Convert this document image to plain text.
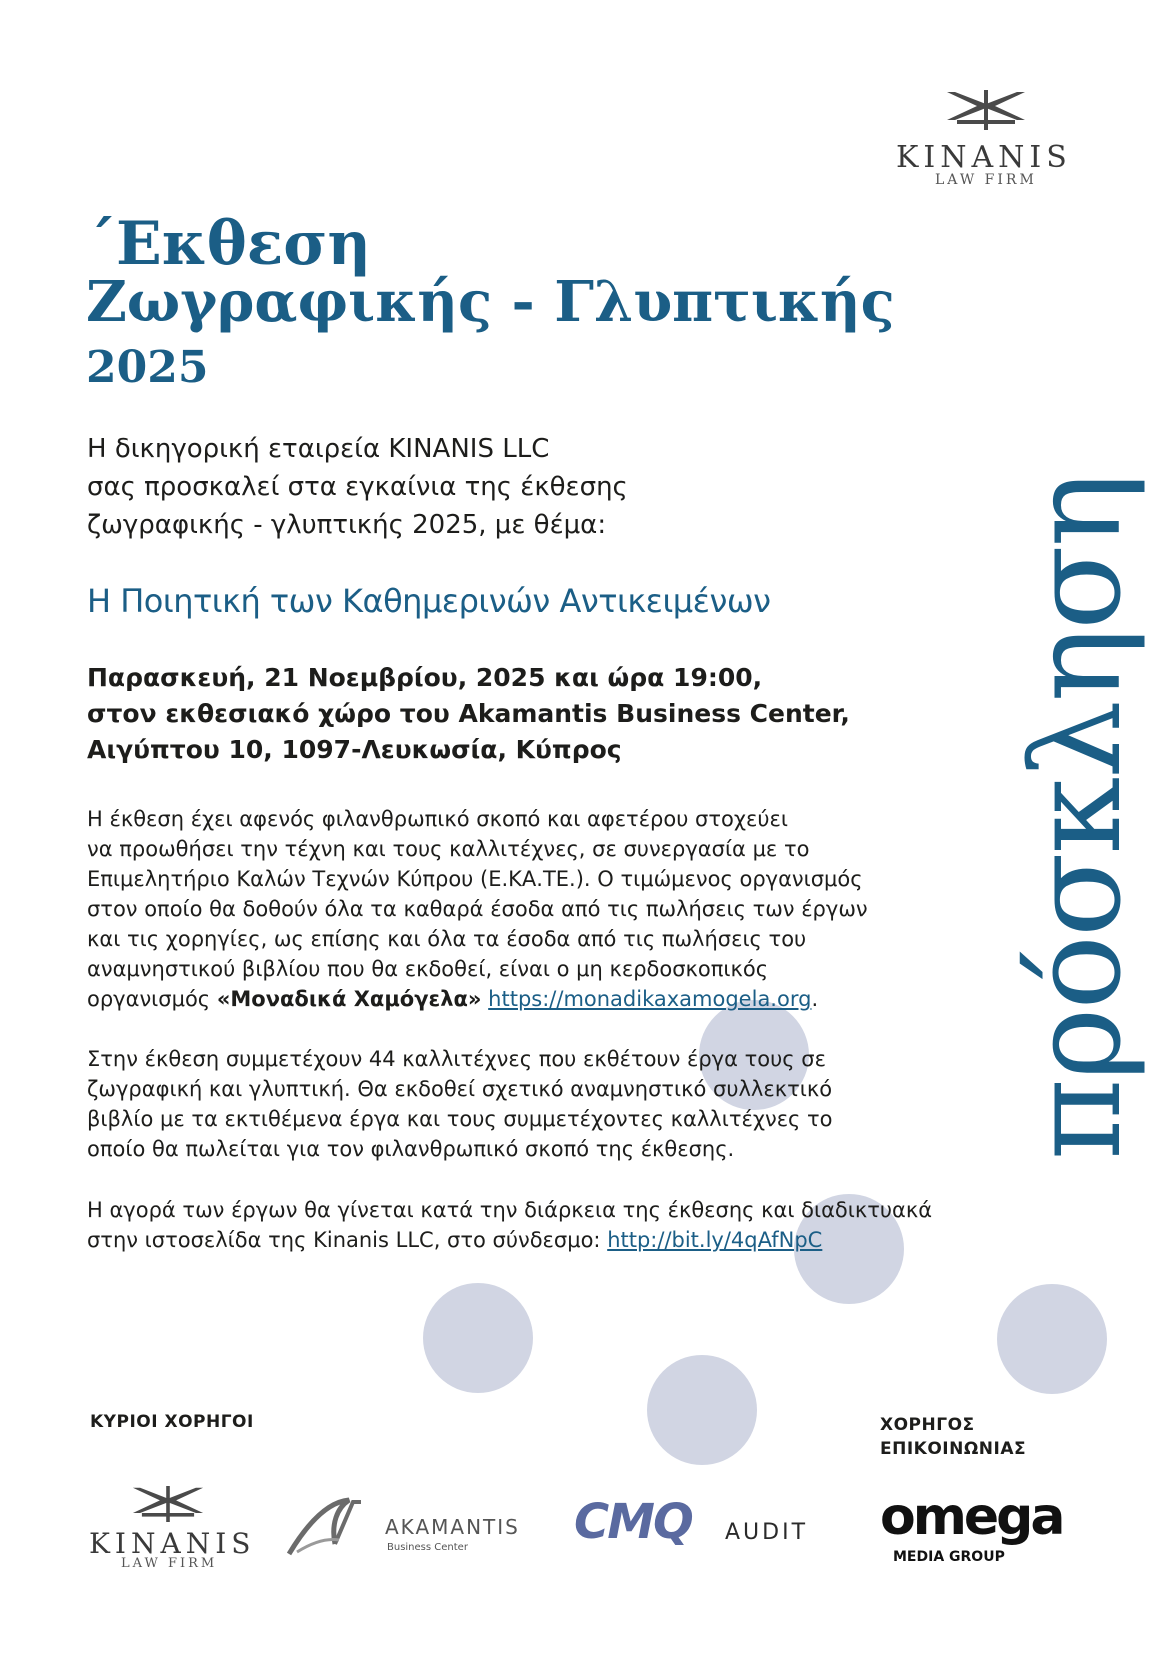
KINANIS
LAW FIRM
΄Εκθεση
Ζωγραφικής - Γλυπτικής
2025
πρόσκληση
Η δικηγορική εταιρεία KINANIS LLC
σας προσκαλεί στα εγκαίνια της έκθεσης
ζωγραφικής - γλυπτικής 2025, με θέμα:
Η Ποιητική των Καθημερινών Αντικειμένων
Παρασκευή, 21 Νοεμβρίου, 2025 και ώρα 19:00,
στον εκθεσιακό χώρο του Akamantis Business Center,
Αιγύπτου 10, 1097-Λευκωσία, Κύπρος
Η έκθεση έχει αφενός φιλανθρωπικό σκοπό και αφετέρου στοχεύει
να προωθήσει την τέχνη και τους καλλιτέχνες, σε συνεργασία με το
Επιμελητήριο Καλών Τεχνών Κύπρου (Ε.ΚΑ.ΤΕ.). Ο τιμώμενος οργανισμός
στον οποίο θα δοθούν όλα τα καθαρά έσοδα από τις πωλήσεις των έργων
και τις χορηγίες, ως επίσης και όλα τα έσοδα από τις πωλήσεις του
αναμνηστικού βιβλίου που θα εκδοθεί, είναι ο μη κερδοσκοπικός
οργανισμός «Μοναδικά Χαμόγελα» https://monadikaxamogela.org.
Στην έκθεση συμμετέχουν 44 καλλιτέχνες που εκθέτουν έργα τους σε
ζωγραφική και γλυπτική. Θα εκδοθεί σχετικό αναμνηστικό συλλεκτικό
βιβλίο με τα εκτιθέμενα έργα και τους συμμετέχοντες καλλιτέχνες το
οποίο θα πωλείται για τον φιλανθρωπικό σκοπό της έκθεσης.
Η αγορά των έργων θα γίνεται κατά την διάρκεια της έκθεσης και διαδικτυακά
στην ιστοσελίδα της Kinanis LLC, στο σύνδεσμο: http://bit.ly/4qAfNpC
ΚΥΡΙΟΙ ΧΟΡΗΓΟΙ	ΧΟΡΗΓΟΣ
ΕΠΙΚΟΙΝΩΝΙΑΣ
KINANIS
LAW FIRM
AKAMANTIS
Business Center CMQ AUDIT omega
MEDIA GROUP
